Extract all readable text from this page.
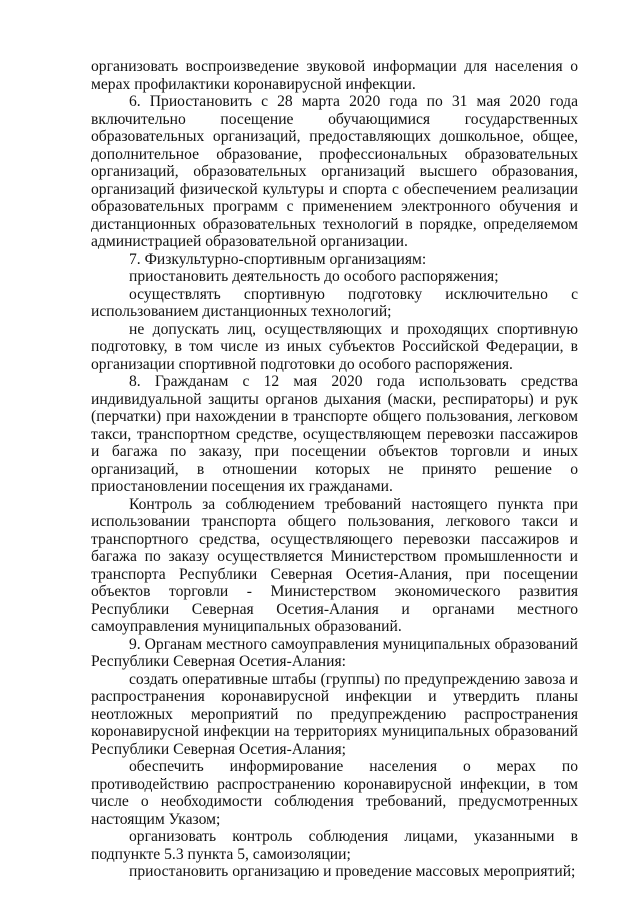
организовать воспроизведение звуковой информации для населения о мерах профилактики коронавирусной инфекции.

6. Приостановить с 28 марта 2020 года по 31 мая 2020 года включительно посещение обучающимися государственных образовательных организаций, предоставляющих дошкольное, общее, дополнительное образование, профессиональных образовательных организаций, образовательных организаций высшего образования, организаций физической культуры и спорта с обеспечением реализации образовательных программ с применением электронного обучения и дистанционных образовательных технологий в порядке, определяемом администрацией образовательной организации.

7. Физкультурно-спортивным организациям:

приостановить деятельность до особого распоряжения;

осуществлять спортивную подготовку исключительно с использованием дистанционных технологий;

не допускать лиц, осуществляющих и проходящих спортивную подготовку, в том числе из иных субъектов Российской Федерации, в организации спортивной подготовки до особого распоряжения.

8. Гражданам с 12 мая 2020 года использовать средства индивидуальной защиты органов дыхания (маски, респираторы) и рук (перчатки) при нахождении в транспорте общего пользования, легковом такси, транспортном средстве, осуществляющем перевозки пассажиров и багажа по заказу, при посещении объектов торговли и иных организаций, в отношении которых не принято решение о приостановлении посещения их гражданами.

Контроль за соблюдением требований настоящего пункта при использовании транспорта общего пользования, легкового такси и транспортного средства, осуществляющего перевозки пассажиров и багажа по заказу осуществляется Министерством промышленности и транспорта Республики Северная Осетия-Алания, при посещении объектов торговли - Министерством экономического развития Республики Северная Осетия-Алания и органами местного самоуправления муниципальных образований.

9. Органам местного самоуправления муниципальных образований Республики Северная Осетия-Алания:

создать оперативные штабы (группы) по предупреждению завоза и распространения коронавирусной инфекции и утвердить планы неотложных мероприятий по предупреждению распространения коронавирусной инфекции на территориях муниципальных образований Республики Северная Осетия-Алания;

обеспечить информирование населения о мерах по противодействию распространению коронавирусной инфекции, в том числе о необходимости соблюдения требований, предусмотренных настоящим Указом;

организовать контроль соблюдения лицами, указанными в подпункте 5.3 пункта 5, самоизоляции;

приостановить организацию и проведение массовых мероприятий;
